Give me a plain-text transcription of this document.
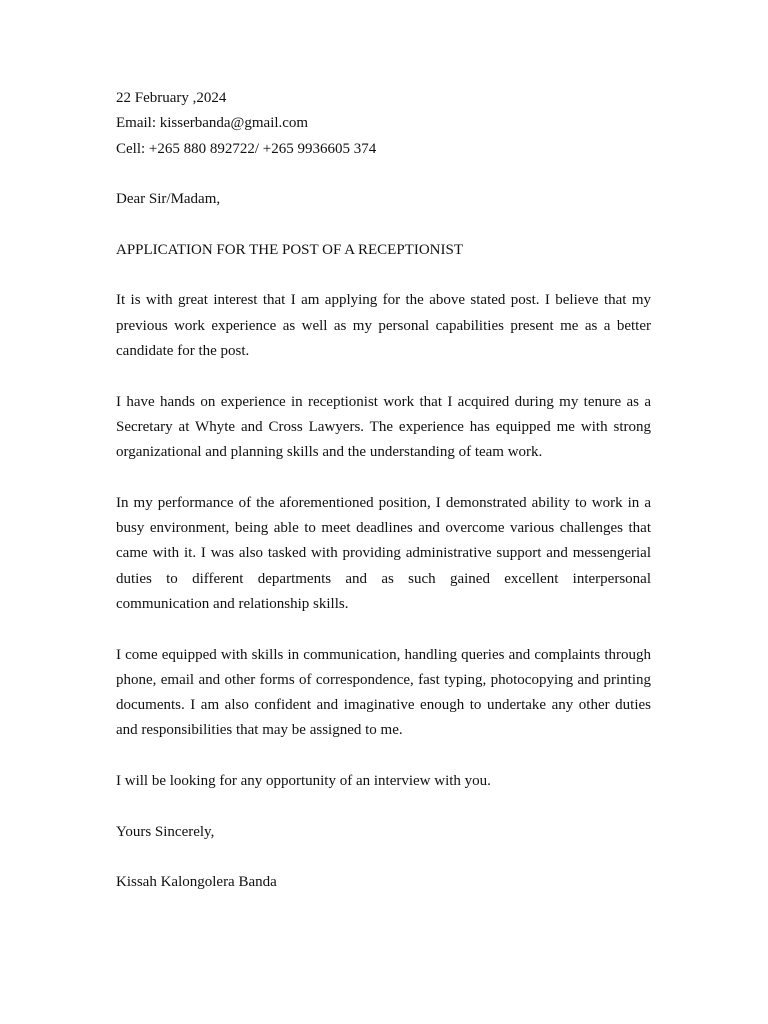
22 February ,2024
Email: kisserbanda@gmail.com
Cell: +265 880 892722/ +265 9936605 374
Dear Sir/Madam,
APPLICATION FOR THE POST OF A RECEPTIONIST
It is with great interest that I am applying for the above stated post. I believe that my previous work experience as well as my personal capabilities present me as a better candidate for the post.
I have hands on experience in receptionist work that I acquired during my tenure as a Secretary at Whyte and Cross Lawyers. The experience has equipped me with strong organizational and planning skills and the understanding of team work.
In my performance of the aforementioned position, I demonstrated ability to work in a busy environment, being able to meet deadlines and overcome various challenges that came with it. I was also tasked with providing administrative support and messengerial duties to different departments and as such gained excellent interpersonal communication and relationship skills.
I come equipped with skills in communication, handling queries and complaints through phone, email and other forms of correspondence, fast typing, photocopying and printing documents. I am also confident and imaginative enough to undertake any other duties and responsibilities that may be assigned to me.
I will be looking for any opportunity of an interview with you.
Yours Sincerely,
Kissah Kalongolera Banda
